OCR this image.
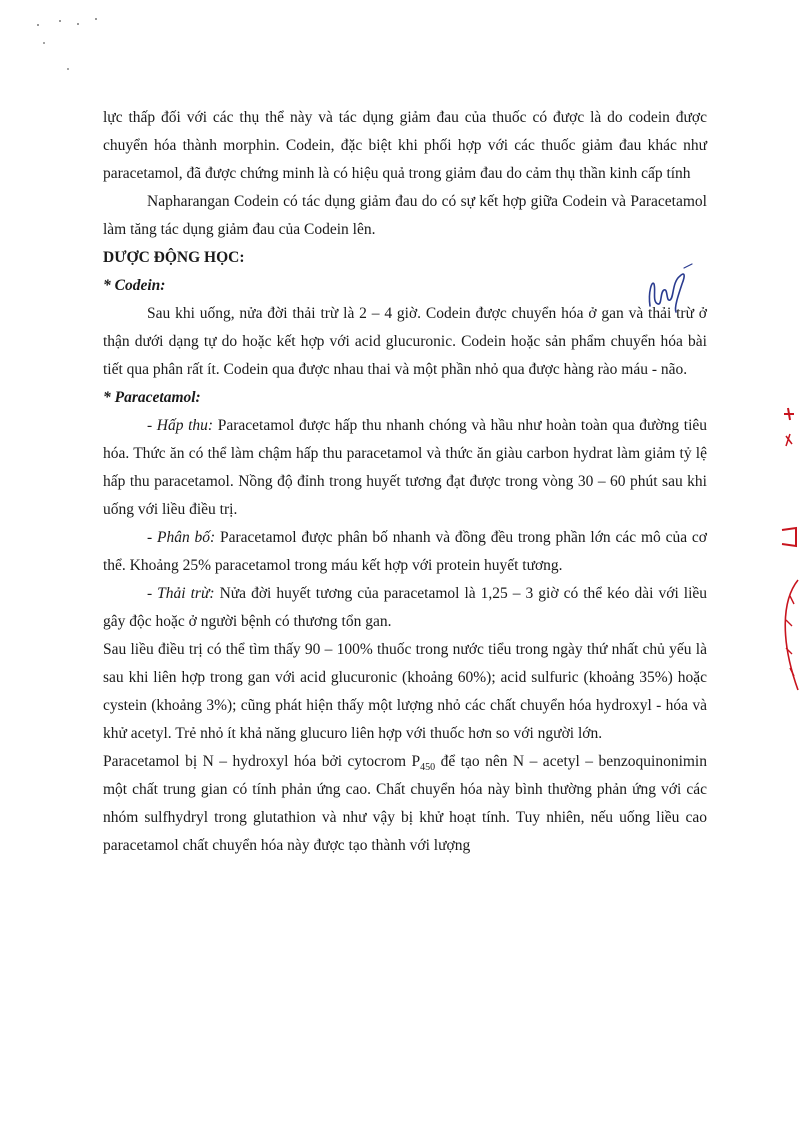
lực thấp đối với các thụ thể này và tác dụng giảm đau của thuốc có được là do codein được chuyển hóa thành morphin. Codein, đặc biệt khi phối hợp với các thuốc giảm đau khác như paracetamol, đã được chứng minh là có hiệu quả trong giảm đau do cảm thụ thần kinh cấp tính

Napharangan Codein có tác dụng giảm đau do có sự kết hợp giữa Codein và Paracetamol làm tăng tác dụng giảm đau của Codein lên.

DƯỢC ĐỘNG HỌC:

* Codein:

Sau khi uống, nửa đời thải trừ là 2 – 4 giờ. Codein được chuyển hóa ở gan và thải trừ ở thận dưới dạng tự do hoặc kết hợp với acid glucuronic. Codein hoặc sản phẩm chuyển hóa bài tiết qua phân rất ít. Codein qua được nhau thai và một phần nhỏ qua được hàng rào máu - não.

* Paracetamol:

- Hấp thu: Paracetamol được hấp thu nhanh chóng và hầu như hoàn toàn qua đường tiêu hóa. Thức ăn có thể làm chậm hấp thu paracetamol và thức ăn giàu carbon hydrat làm giảm tỷ lệ hấp thu paracetamol. Nồng độ đỉnh trong huyết tương đạt được trong vòng 30 – 60 phút sau khi uống với liều điều trị.

- Phân bố: Paracetamol được phân bố nhanh và đồng đều trong phần lớn các mô của cơ thể. Khoảng 25% paracetamol trong máu kết hợp với protein huyết tương.

- Thải trừ: Nửa đời huyết tương của paracetamol là 1,25 – 3 giờ có thể kéo dài với liều gây độc hoặc ở người bệnh có thương tổn gan.

Sau liều điều trị có thể tìm thấy 90 – 100% thuốc trong nước tiểu trong ngày thứ nhất chủ yếu là sau khi liên hợp trong gan với acid glucuronic (khoảng 60%); acid sulfuric (khoảng 35%) hoặc cystein (khoảng 3%); cũng phát hiện thấy một lượng nhỏ các chất chuyển hóa hydroxyl - hóa và khử acetyl. Trẻ nhỏ ít khả năng glucuro liên hợp với thuốc hơn so với người lớn.

Paracetamol bị N – hydroxyl hóa bởi cytocrom $P_{450}$ để tạo nên N – acetyl – benzoquinonimin một chất trung gian có tính phản ứng cao. Chất chuyển hóa này bình thường phản ứng với các nhóm sulfhydryl trong glutathion và như vậy bị khử hoạt tính. Tuy nhiên, nếu uống liều cao paracetamol chất chuyển hóa này được tạo thành với lượng
